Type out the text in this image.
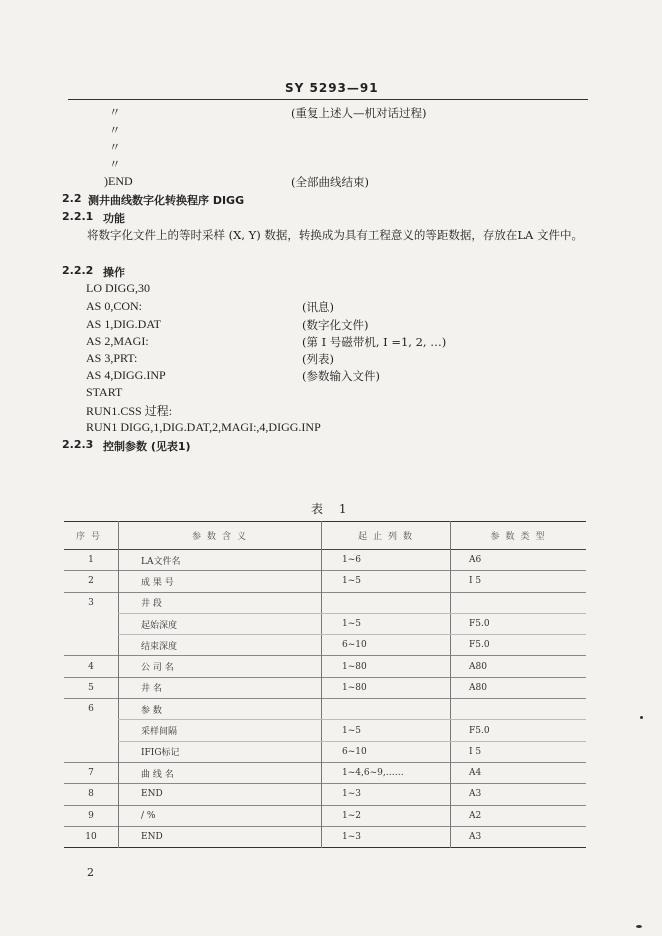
SY 5293—91
〃	(重复上述人—机对话过程)
〃
〃
〃
)END	(全部曲线结束)
2.2 测井曲线数字化转换程序 DIGG
2.2.1 功能
将数字化文件上的等时采样 (X, Y) 数据，转换成为具有工程意义的等距数据，存放在LA 文件中。
2.2.2 操作
LO DIGG,30
AS 0,CON:	(讯息)
AS 1,DIG.DAT	(数字化文件)
AS 2,MAGI:	(第 I 号磁带机, I =1, 2, …)
AS 3,PRT:	(列表)
AS 4,DIGG.INP	(参数输入文件)
START
RUN1.CSS 过程:
RUN1 DIGG,1,DIG.DAT,2,MAGI:,4,DIGG.INP
2.2.3 控制参数 (见表1)
表 1
序号	参数含义	起止列数	参数类型
1	LA文件名	1~6	A6
2	成 果 号	1~5	I 5
3	井 段		
	起始深度	1~5	F5.0
	结束深度	6~10	F5.0
4	公 司 名	1~80	A80
5	井 名	1~80	A80
6	参 数		
	采样间隔	1~5	F5.0
	IFIG标记	6~10	I 5
7	曲 线 名	1~4,6~9,……	A4
8	END	1~3	A3
9	/ %	1~2	A2
10	END	1~3	A3
2
